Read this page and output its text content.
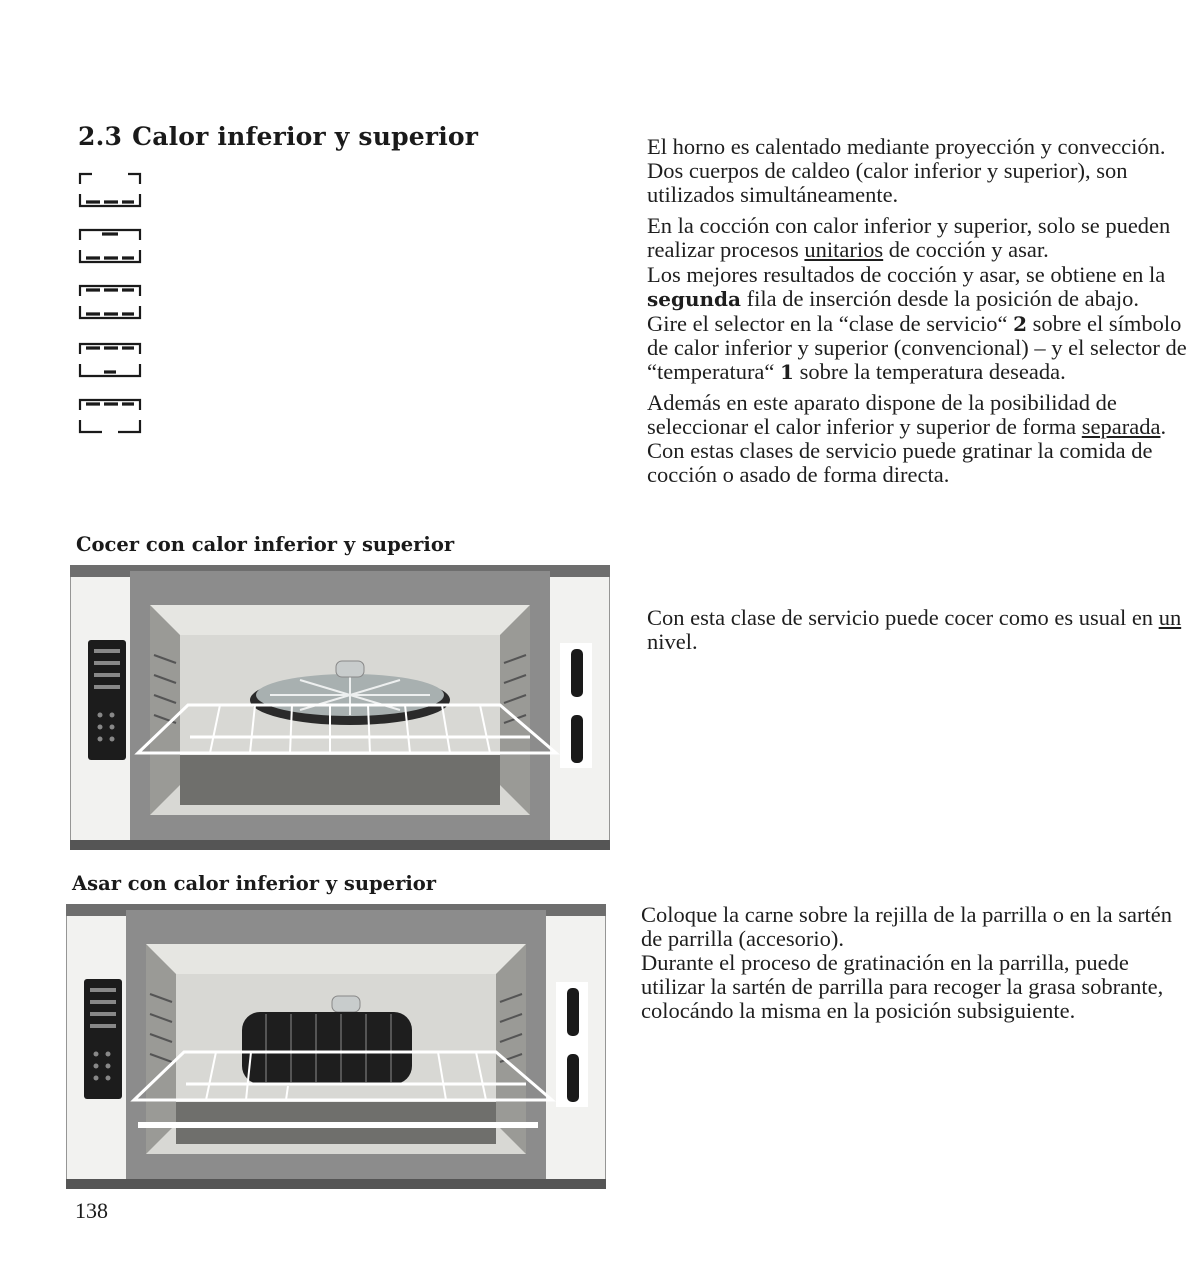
2.3 Calor inferior y superior	El horno es calentado mediante proyección y convección. Dos cuerpos de caldeo (calor inferior y superior), son utilizados simultáneamente.

En la cocción con calor inferior y superior, solo se pueden realizar procesos unitarios de cocción y asar.

Los mejores resultados de cocción y asar, se obtiene en la segunda fila de inserción desde la posición de abajo.

Gire el selector en la “clase de servicio“ 2 sobre el símbolo de calor inferior y superior (convencional) – y el selector de “temperatura“ 1 sobre la temperatura deseada.

Además en este aparato dispone de la posibilidad de seleccionar el calor inferior y superior de forma separada. Con estas clases de servicio puede gratinar la comida de cocción o asado de forma directa.

Cocer con calor inferior y superior

Con esta clase de servicio puede cocer como es usual en un nivel.

Asar con calor inferior y superior

Coloque la carne sobre la rejilla de la parrilla o en la sartén de parrilla (accesorio).

Durante el proceso de gratinación en la parrilla, puede utilizar la sartén de parrilla para recoger la grasa sobrante, colocándo la misma en la posición subsiguiente.

138
